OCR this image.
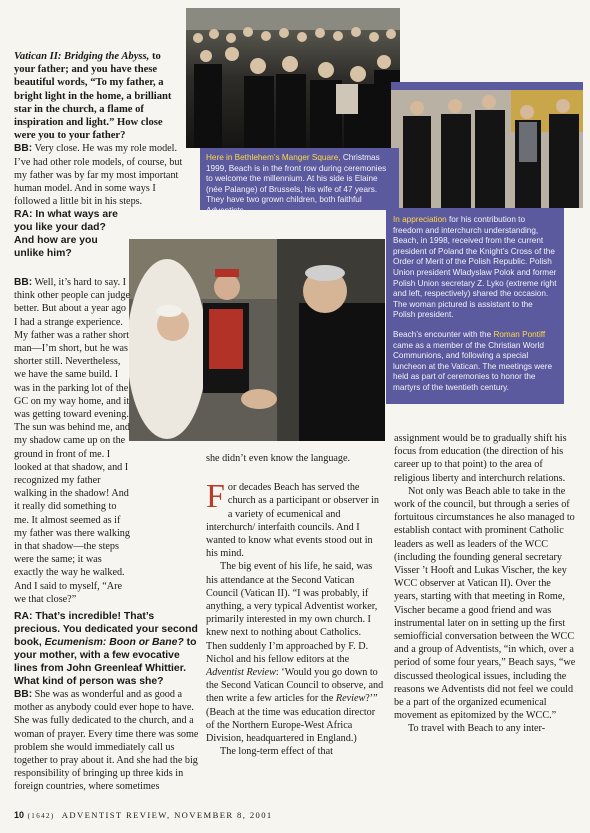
Here in Bethlehem’s Manger Square, Christmas 1999, Beach is in the front row during ceremonies to welcome the millennium. At his side is Elaine (née Palange) of Brussels, his wife of 47 years. They have two grown children, both faithful Adventists.
In appreciation for his contribution to freedom and interchurch understanding, Beach, in 1998, received from the current president of Poland the Knight’s Cross of the Order of Merit of the Polish Republic. Polish Union president Wladyslaw Polok and former Polish Union secretary Z. Lyko (extreme right and left, respectively) shared the occasion. The woman pictured is assistant to the Polish president.
Beach’s encounter with the Roman Pontiff came as a member of the Christian World Communions, and following a special luncheon at the Vatican. The meetings were held as part of ceremonies to honor the martyrs of the twentieth century.

Vatican II: Bridging the Abyss, to your father; and you have these beautiful words, “To my father, a bright light in the home, a brilliant star in the church, a flame of inspiration and light.” How close were you to your father?

BB: Very close. He was my role model. I’ve had other role models, of course, but my father was by far my most important human model. And in some ways I followed a little bit in his steps.

RA: In what ways are you like your dad? And how are you unlike him?

BB: Well, it’s hard to say. I think other people can judge better. But about a year ago I had a strange experience. My father was a rather short man—I’m short, but he was shorter still. Nevertheless, we have the same build. I was in the parking lot of the GC on my way home, and it was getting toward evening. The sun was behind me, and my shadow came up on the ground in front of me. I looked at that shadow, and I recognized my father walking in the shadow! And it really did something to me. It almost seemed as if my father was there walking in that shadow—the steps were the same; it was exactly the way he walked. And I said to myself, “Are we that close?”

RA: That’s incredible! That’s precious. You dedicated your second book, Ecumenism: Boon or Bane? to your mother, with a few evocative lines from John Greenleaf Whittier. What kind of person was she?

BB: She was as wonderful and as good a mother as anybody could ever hope to have. She was fully dedicated to the church, and a woman of prayer. Every time there was some problem she would immediately call us together to pray about it. And she had the big responsibility of bringing up three kids in foreign countries, where sometimes

she didn’t even know the language.

For decades Beach has served the church as a participant or observer in a variety of ecumenical and interchurch/ interfaith councils. And I wanted to know what events stood out in his mind.

The big event of his life, he said, was his attendance at the Second Vatican Council (Vatican II). “I was probably, if anything, a very typical Adventist worker, primarily interested in my own church. I knew next to nothing about Catholics. Then suddenly I’m approached by F. D. Nichol and his fellow editors at the Adventist Review: ‘Would you go down to the Second Vatican Council to observe, and then write a few articles for the Review?’” (Beach at the time was education director of the Northern Europe-West Africa Division, headquartered in England.)

The long-term effect of that

assignment would be to gradually shift his focus from education (the direction of his career up to that point) to the area of religious liberty and interchurch relations.

Not only was Beach able to take in the work of the council, but through a series of fortuitous circumstances he also managed to establish contact with prominent Catholic leaders as well as leaders of the WCC (including the founding general secretary Visser ’t Hooft and Lukas Vischer, the key WCC observer at Vatican II). Over the years, starting with that meeting in Rome, Vischer became a good friend and was instrumental later on in setting up the first semiofficial conversation between the WCC and a group of Adventists, “in which, over a period of some four years,” Beach says, “we discussed theological issues, including the reasons we Adventists did not feel we could be a part of the organized ecumenical movement as epitomized by the WCC.”

To travel with Beach to any inter-

10 (1642) ADVENTIST REVIEW, NOVEMBER 8, 2001
